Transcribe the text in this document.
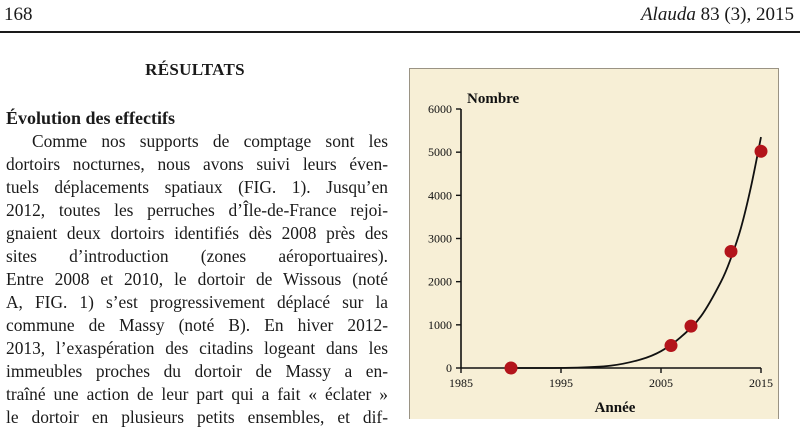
168	Alauda 83 (3), 2015
RÉSULTATS
Évolution des effectifs
Comme nos supports de comptage sont les
dortoirs nocturnes, nous avons suivi leurs éven-
tuels déplacements spatiaux (FIG. 1). Jusqu’en
2012, toutes les perruches d’Île-de-France rejoi-
gnaient deux dortoirs identifiés dès 2008 près des
sites d’introduction (zones aéroportuaires).
Entre 2008 et 2010, le dortoir de Wissous (noté
A, FIG. 1) s’est progressivement déplacé sur la
commune de Massy (noté B). En hiver 2012-
2013, l’exaspération des citadins logeant dans les
immeubles proches du dortoir de Massy a en-
traîné une action de leur part qui a fait « éclater »
le dortoir en plusieurs petits ensembles, et dif-
Nombre
Année
0
1000
2000
3000
4000
5000
6000
1985	1995	2005	2015
